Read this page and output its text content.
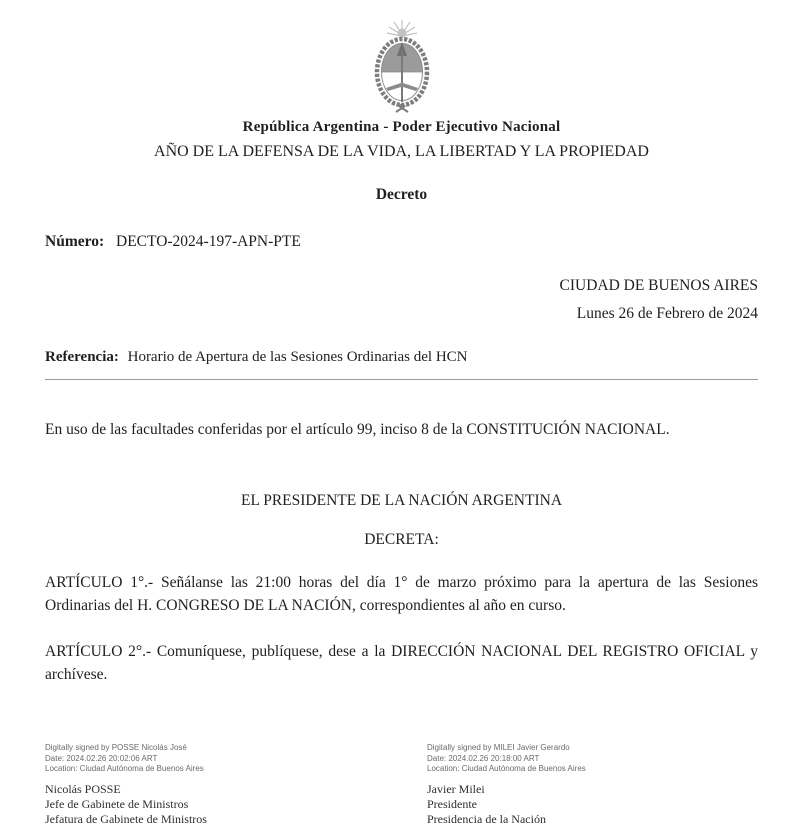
República Argentina - Poder Ejecutivo Nacional
AÑO DE LA DEFENSA DE LA VIDA, LA LIBERTAD Y LA PROPIEDAD
Decreto
Número: DECTO-2024-197-APN-PTE
CIUDAD DE BUENOS AIRES
Lunes 26 de Febrero de 2024
Referencia: Horario de Apertura de las Sesiones Ordinarias del HCN
En uso de las facultades conferidas por el artículo 99, inciso 8 de la CONSTITUCIÓN NACIONAL.
EL PRESIDENTE DE LA NACIÓN ARGENTINA
DECRETA:
ARTÍCULO 1°.- Señálanse las 21:00 horas del día 1° de marzo próximo para la apertura de las Sesiones Ordinarias del H. CONGRESO DE LA NACIÓN, correspondientes al año en curso.
ARTÍCULO 2°.- Comuníquese, publíquese, dese a la DIRECCIÓN NACIONAL DEL REGISTRO OFICIAL y archívese.
Digitally signed by POSSE Nicolás José
Date: 2024.02.26 20:02:06 ART
Location: Ciudad Autónoma de Buenos Aires
Nicolás POSSE
Jefe de Gabinete de Ministros
Jefatura de Gabinete de Ministros
Digitally signed by MILEI Javier Gerardo
Date: 2024.02.26 20:18:00 ART
Location: Ciudad Autónoma de Buenos Aires
Javier Milei
Presidente
Presidencia de la Nación
